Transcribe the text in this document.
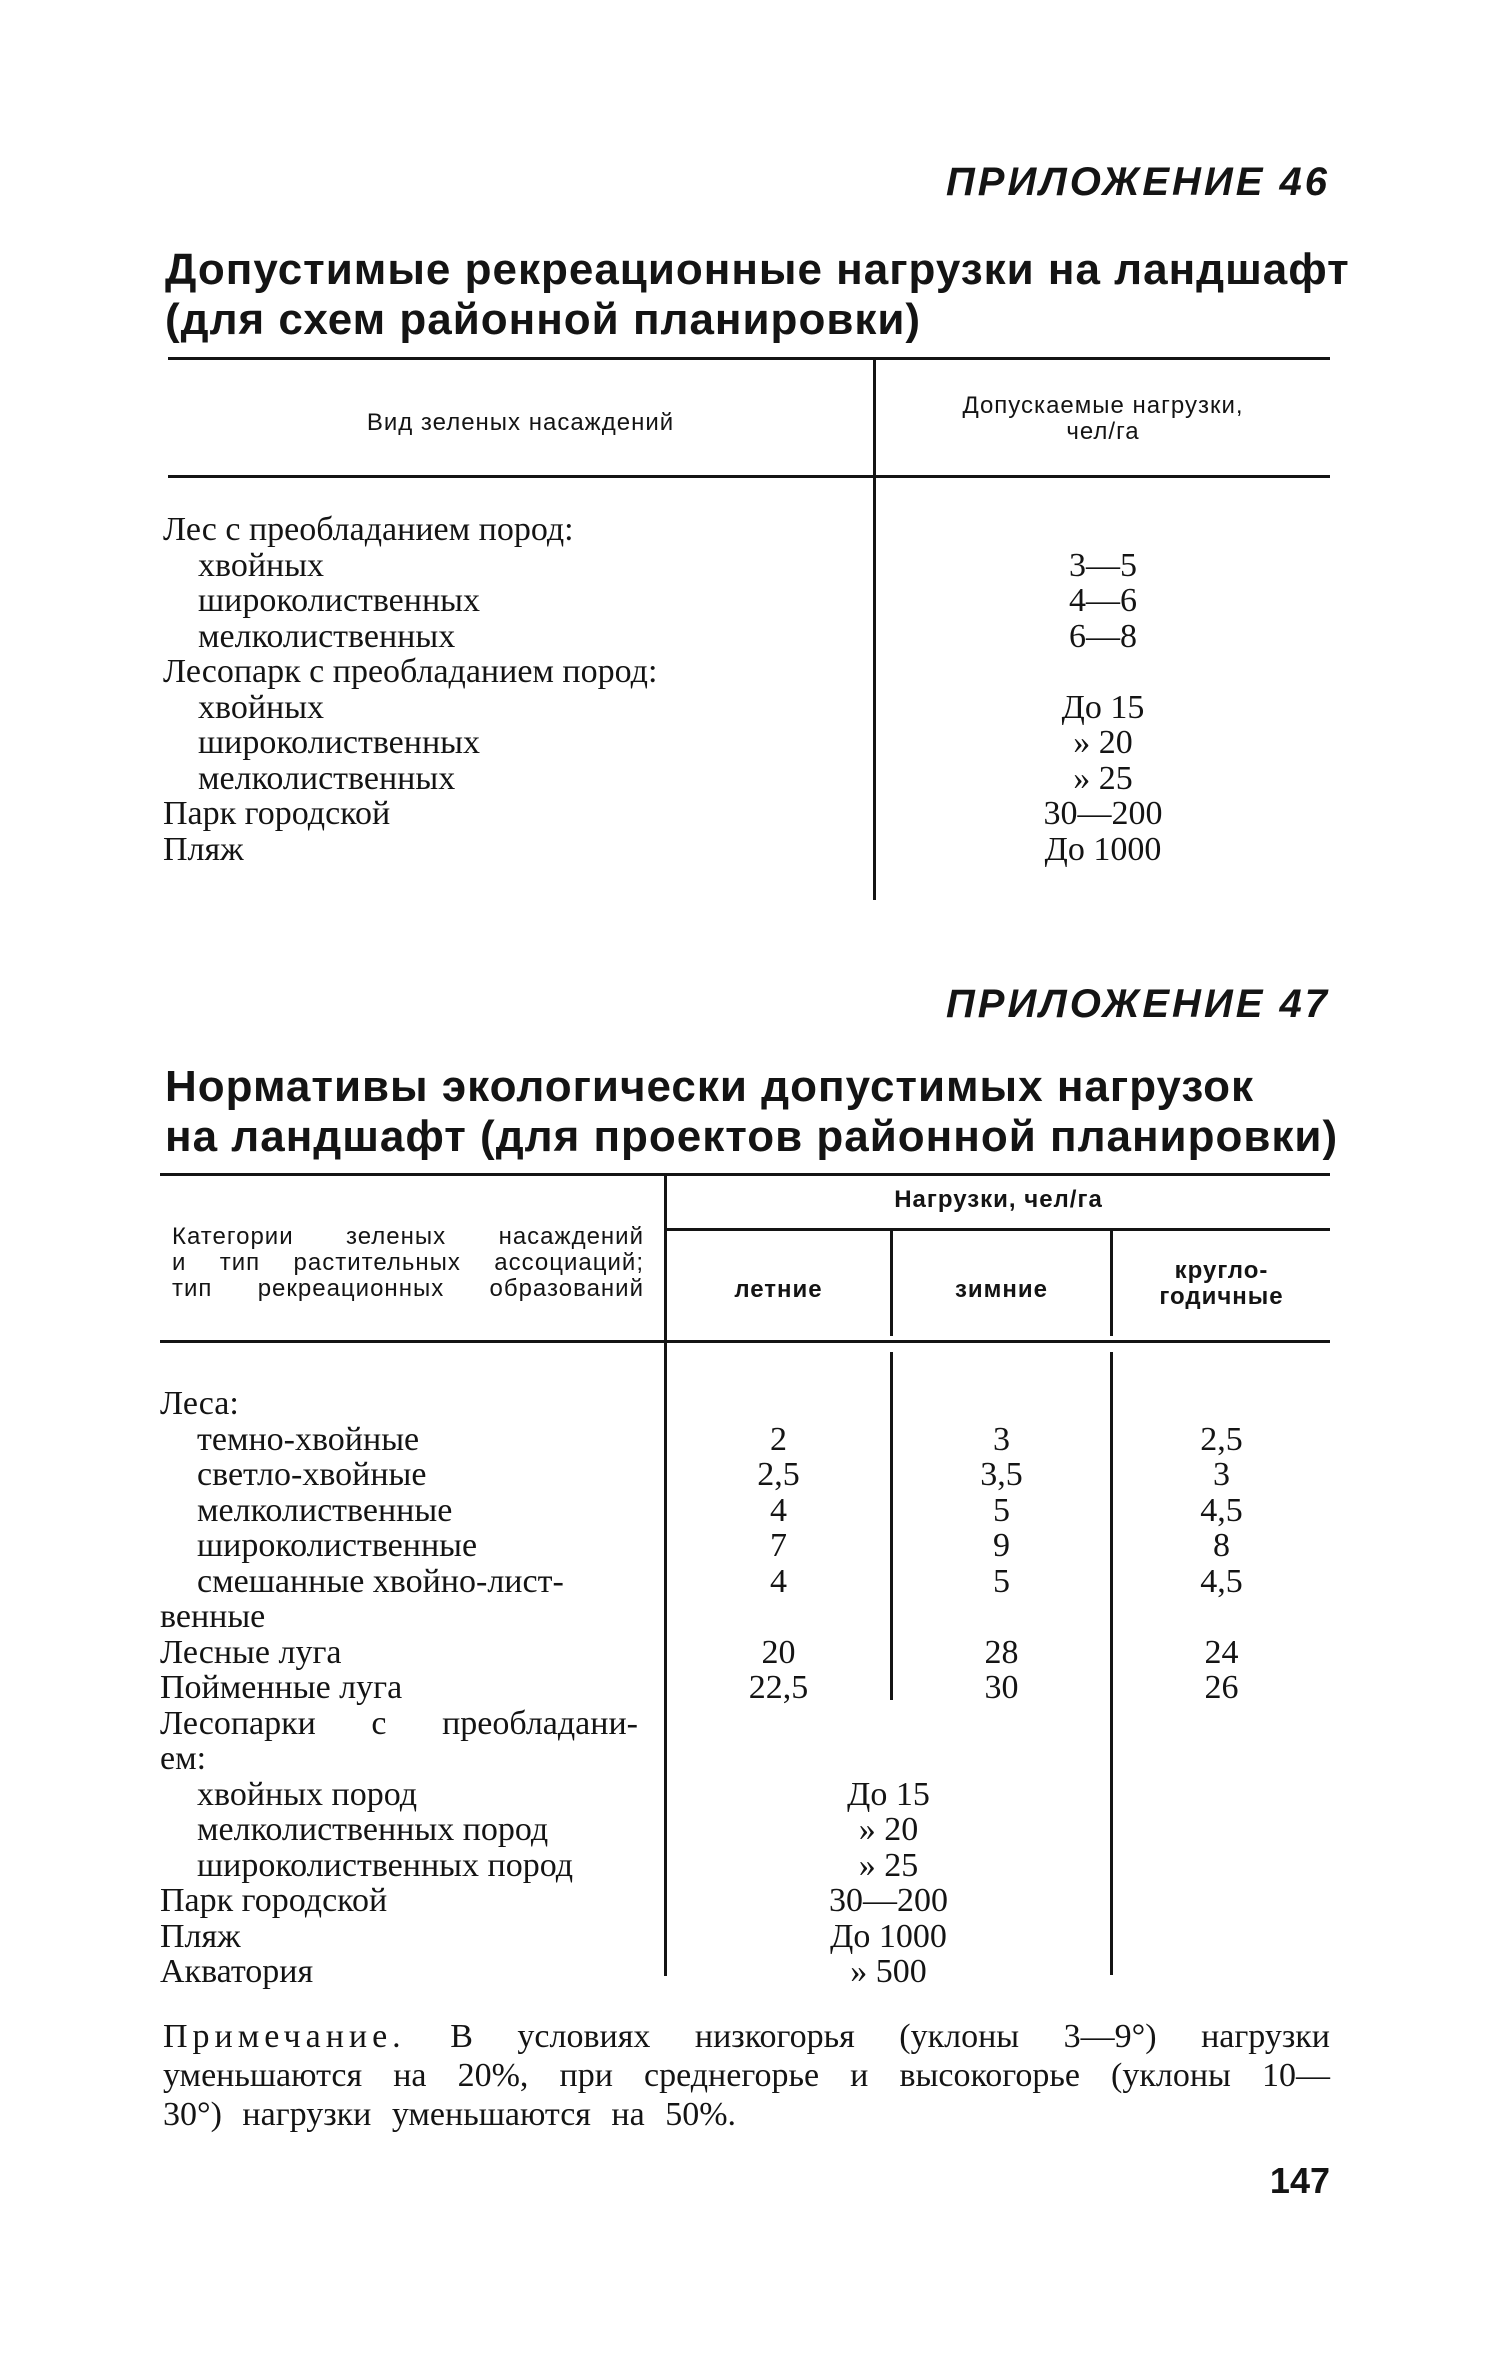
ПРИЛОЖЕНИЕ 46
Допустимые рекреационные нагрузки на ландшафт
(для схем районной планировки)
Вид зеленых насаждений
Допускаемые нагрузки,
чел/га
Лес с преобладанием пород:
хвойных	3—5
широколиственных	4—6
мелколиственных	6—8
Лесопарк с преобладанием пород:
хвойных	До 15
широколиственных	» 20
мелколиственных	» 25
Парк городской	30—200
Пляж	До 1000
ПРИЛОЖЕНИЕ 47
Нормативы экологически допустимых нагрузок
на ландшафт (для проектов районной планировки)
Категории зеленых насаждений
и тип растительных ассоциаций;
тип рекреационных образований
Нагрузки, чел/га
летние	зимние
кругло-
годичные
Леса:
темно-хвойные	2	3	2,5
светло-хвойные	2,5	3,5	3
мелколиственные	4	5	4,5
широколиственные	7	9	8
смешанные хвойно-лист-	4	5	4,5
венные
Лесные луга	20	28	24
Пойменные луга	22,5	30	26
Лесопарки с преобладани-
ем:
хвойных пород	До 15
мелколиственных пород	» 20
широколиственных пород	» 25
Парк городской	30—200
Пляж	До 1000
Акватория	» 500
Примечание. В условиях низкогорья (уклоны 3—9°) нагрузки
уменьшаются на 20%, при среднегорье и высокогорье (уклоны 10—
30°) нагрузки уменьшаются на 50%.
147
